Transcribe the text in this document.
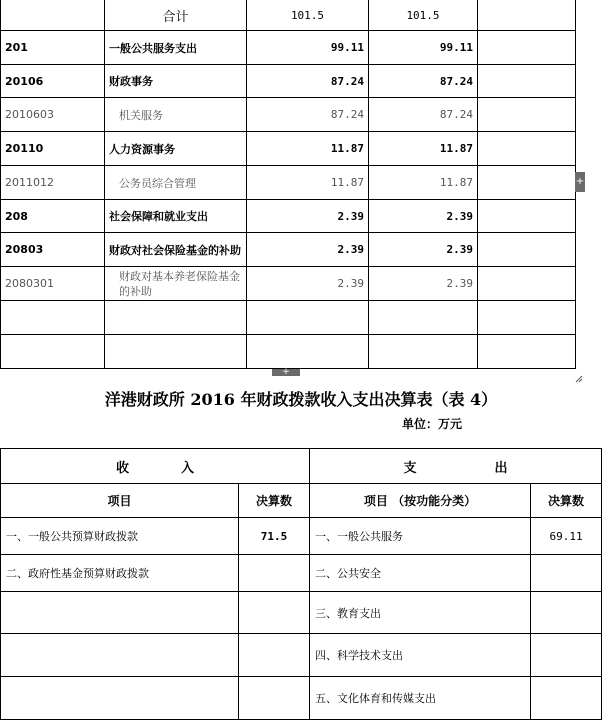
	合计	101.5	101.5	
201	一般公共服务支出	99.11	99.11	
20106	财政事务	87.24	87.24	
2010603	机关服务	87.24	87.24	
20110	人力资源事务	11.87	11.87	
2011012	公务员综合管理	11.87	11.87	
208	社会保障和就业支出	2.39	2.39	
20803	财政对社会保险基金的补助	2.39	2.39	
2080301	财政对基本养老保险基金的补助	2.39	2.39	

+
+
洋港财政所 2016 年财政拨款收入支出决算表（表 4）
单位：万元
收　　　　入		支　　　　　　出	
项目	决算数	项目 （按功能分类）	决算数
一、一般公共预算财政拨款	71.5	一、一般公共服务	69.11
二、政府性基金预算财政拨款		二、公共安全	
		三、教育支出	
		四、科学技术支出	
		五、文化体育和传媒支出	
